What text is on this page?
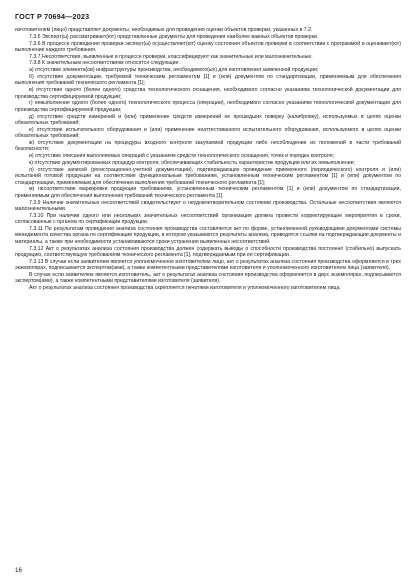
ГОСТ Р 70694—2023

изготовителем (лицо) представляет документы, необходимые для проведения оценки объектов проверки, указанных в 7.2.

7.3.5 Эксперт(ы) рассматривает(ют) представленные документы для проведения наиболее важных объектов проверки.

7.3.6 В процессе проведения проверки эксперт(ы) осуществляет(ют) оценку состояния объектов проверки в соответствии с программой и оценивает(ют) выполнение каждого требования.

7.3.7 Несоответствия, выявленные в процессе проверки, классифицируют как значительные или малозначительные.

7.3.8 К значительным несоответствиям относятся следующие:

а) отсутствие элемента(ов) инфраструктуры производства, необходимого(ых) для изготовления заявленной продукции;

б) отсутствие документации, требуемой техническим регламентом [1] и (или) документом по стандартизации, применяемым для обеспечения выполнения требований технического регламента [1];

в) отсутствие одного (более одного) средства технологического оснащения, необходимого согласно указаниям технологической документации для производства сертифицируемой продукции;

г) невыполнение одного (более одного) технологического процесса (операции), необходимого согласно указаниям технологической документации для производства сертифицируемой продукции;

д) отсутствие средств измерений и (или) применение средств измерений не прошедших поверку (калибровку), используемых в целях оценки обязательных требований;

е) отсутствие испытательного оборудования и (или) применение неаттестованного испытательного оборудования, используемого в целях оценки обязательных требований;

ж) отсутствие документации на процедуры входного контроля закупаемой продукции либо несоблюдение их положений в части требований безопасности;

и) отсутствие описания выполняемых операций с указанием средств технологического оснащения, точек и порядка контроля;

к) отсутствие документированных процедур контроля, обеспечивающих стабильность характеристик продукции или их невыполнение;

л) отсутствие записей (регистрационно-учетной документации), подтверждающих проведение приемочного (периодического) контроля и (или) испытаний готовой продукции на соответствие функциональным требованиям, установленным техническим регламентом [1] и (или) документом по стандартизации, применяемым для обеспечения выполнения требований технического регламента [1];

м) несоответствие маркировки продукции требованиям, установленным техническим регламентом [1] и (или) документом по стандартизации, применяемым для обеспечения выполнения требований технического регламента [1].

7.3.9 Наличие значительных несоответствий свидетельствует о неудовлетворительном состоянии производства. Остальные несоответствия являются малозначительными.

7.3.10 При наличии одного или нескольких значительных несоответствий организация должна провести корректирующие мероприятия в сроки, согласованные с органом по сертификации продукции.

7.3.11 По результатам проведения анализа состояния производства составляется акт по форме, установленной руководящими документами системы менеджмента качества органа по сертификации продукции, в котором указываются результаты анализа, приводятся ссылки на подтверждающие документы и материалы, а также при необходимости устанавливаются сроки устранения выявленных несоответствий.

7.3.12 Акт о результатах анализа состояния производства должен содержать выводы о способности производства постоянно (стабильно) выпускать продукцию, соответствующую требованиям технического регламента [1], подтверждаемым при ее сертификации.

7.3.13 В случае если заявителем является уполномоченное изготовителем лицо, акт о результатах анализа состояния производства оформляется в трех экземплярах, подписывается экспертом(ами), а также компетентными представителями изготовителя и уполномоченного изготовителем лица (заявителя).

В случае если заявителем является изготовитель, акт о результатах анализа состояния производства оформляется в двух экземплярах, подписывается экспертом(ами), а также компетентными представителями изготовителя (заявителя).

Акт о результатах анализа состояния производства скрепляется печатями изготовителя и уполномоченного изготовителем лица.

16
